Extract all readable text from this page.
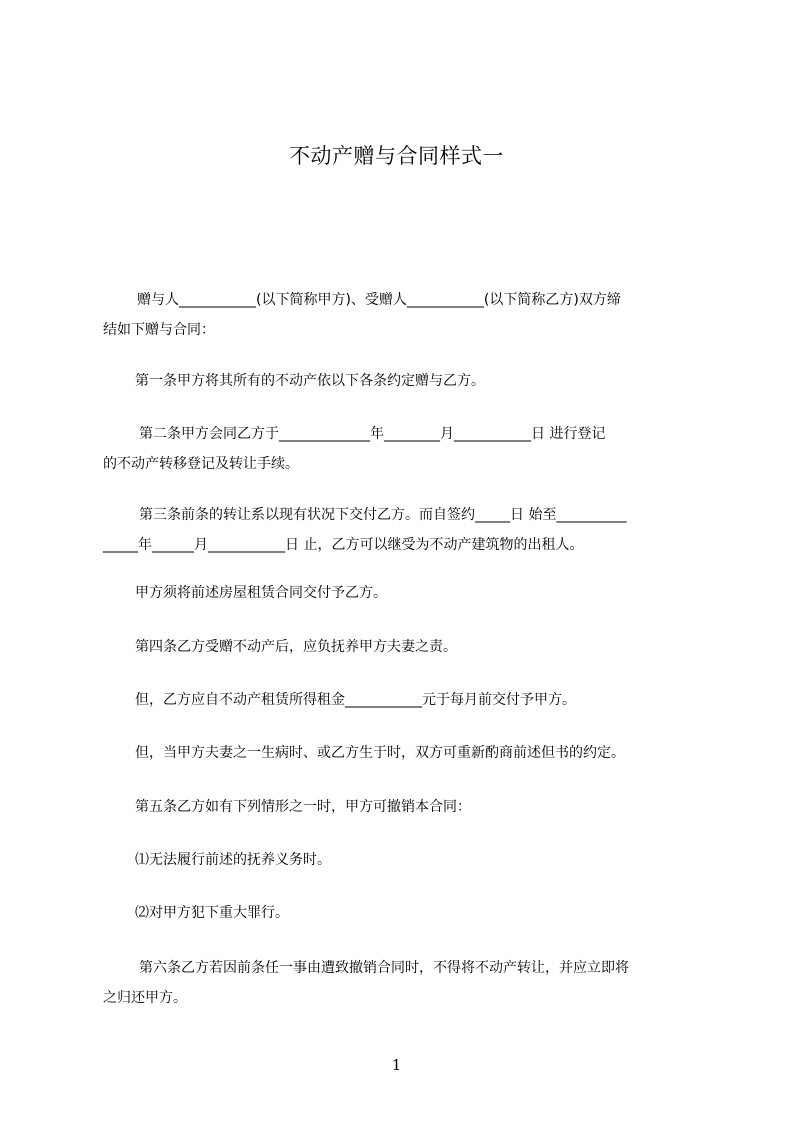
不动产赠与合同样式一
赠与人___________(以下简称甲方)、受赠人___________(以下简称乙方)双方缔
结如下赠与合同：
第一条甲方将其所有的不动产依以下各条约定赠与乙方。
第二条甲方会同乙方于_____________年________月___________日 进行登记
的不动产转移登记及转让手续。
第三条前条的转让系以现有状况下交付乙方。而自签约_____日 始至__________
_____年______月___________日 止，乙方可以继受为不动产建筑物的出租人。
甲方须将前述房屋租赁合同交付予乙方。
第四条乙方受赠不动产后，应负抚养甲方夫妻之责。
但，乙方应自不动产租赁所得租金___________元于每月前交付予甲方。
但，当甲方夫妻之一生病时、或乙方生于时，双方可重新酌商前述但书的约定。
第五条乙方如有下列情形之一时，甲方可撤销本合同：
⑴无法履行前述的抚养义务时。
⑵对甲方犯下重大罪行。
第六条乙方若因前条任一事由遭致撤销合同时，不得将不动产转让，并应立即将
之归还甲方。
1
